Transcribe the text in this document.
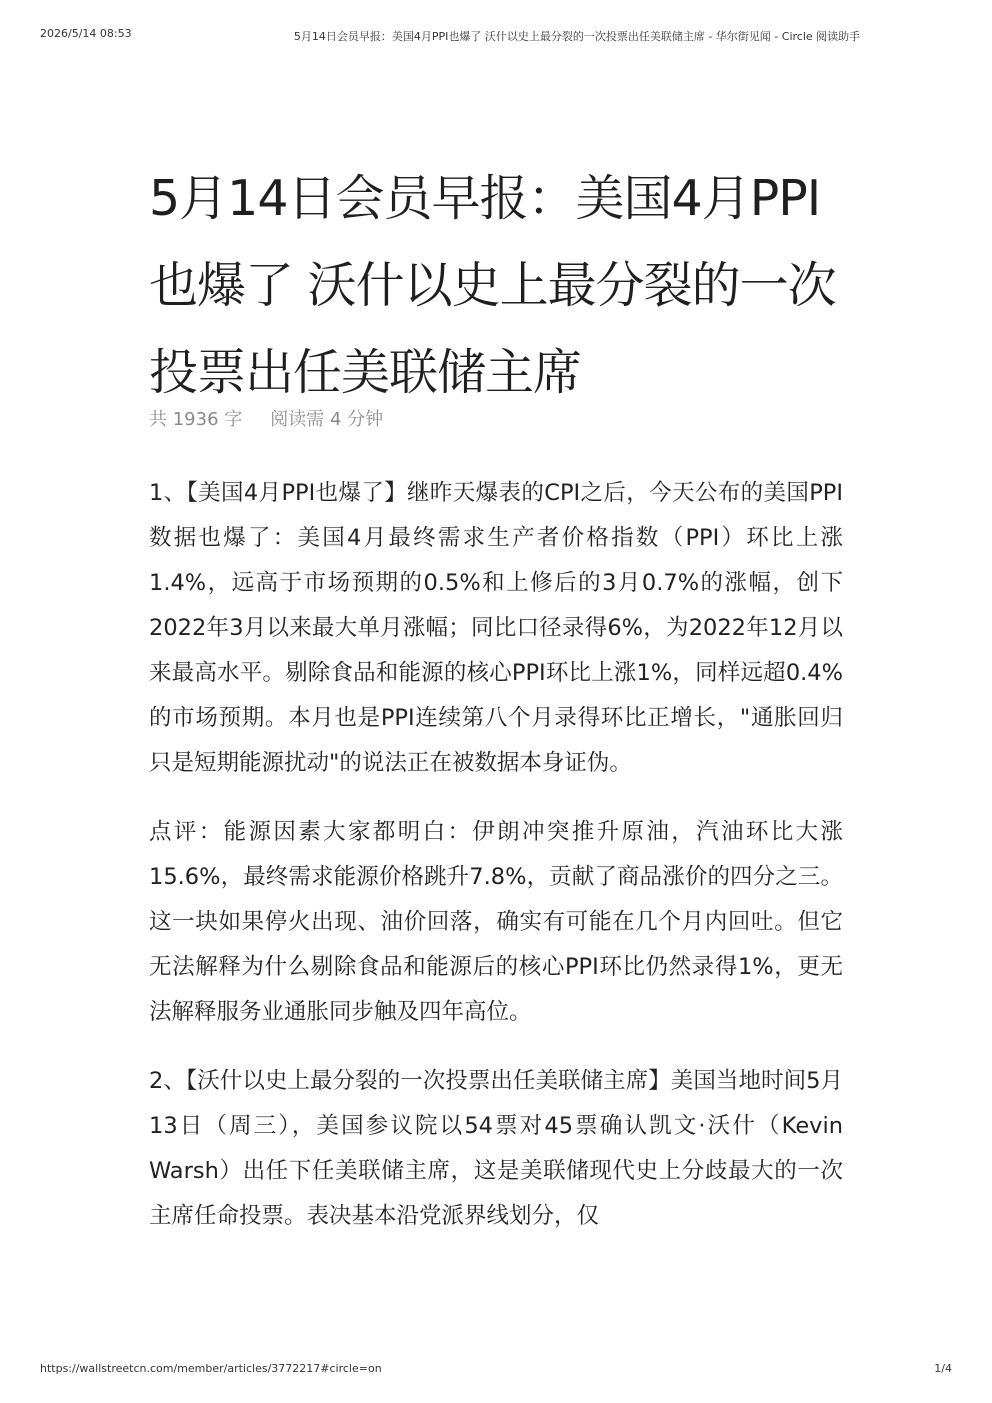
2026/5/14 08:53	5月14日会员早报：美国4月PPI也爆了 沃什以史上最分裂的一次投票出任美联储主席 - 华尔街见闻 - Circle 阅读助手
5月14日会员早报：美国4月PPI也爆了 沃什以史上最分裂的一次投票出任美联储主席
共 1936 字 阅读需 4 分钟

1、【美国4月PPI也爆了】继昨天爆表的CPI之后，今天公布的美国PPI数据也爆了：美国4月最终需求生产者价格指数（PPI）环比上涨1.4%，远高于市场预期的0.5%和上修后的3月0.7%的涨幅，创下2022年3月以来最大单月涨幅；同比口径录得6%，为2022年12月以来最高水平。剔除食品和能源的核心PPI环比上涨1%，同样远超0.4%的市场预期。本月也是PPI连续第八个月录得环比正增长，"通胀回归只是短期能源扰动"的说法正在被数据本身证伪。

点评：能源因素大家都明白：伊朗冲突推升原油，汽油环比大涨15.6%，最终需求能源价格跳升7.8%，贡献了商品涨价的四分之三。这一块如果停火出现、油价回落，确实有可能在几个月内回吐。但它无法解释为什么剔除食品和能源后的核心PPI环比仍然录得1%，更无法解释服务业通胀同步触及四年高位。

2、【沃什以史上最分裂的一次投票出任美联储主席】美国当地时间5月13日（周三），美国参议院以54票对45票确认凯文·沃什（Kevin Warsh）出任下任美联储主席，这是美联储现代史上分歧最大的一次主席任命投票。表决基本沿党派界线划分，仅

https://wallstreetcn.com/member/articles/3772217#circle=on	1/4
